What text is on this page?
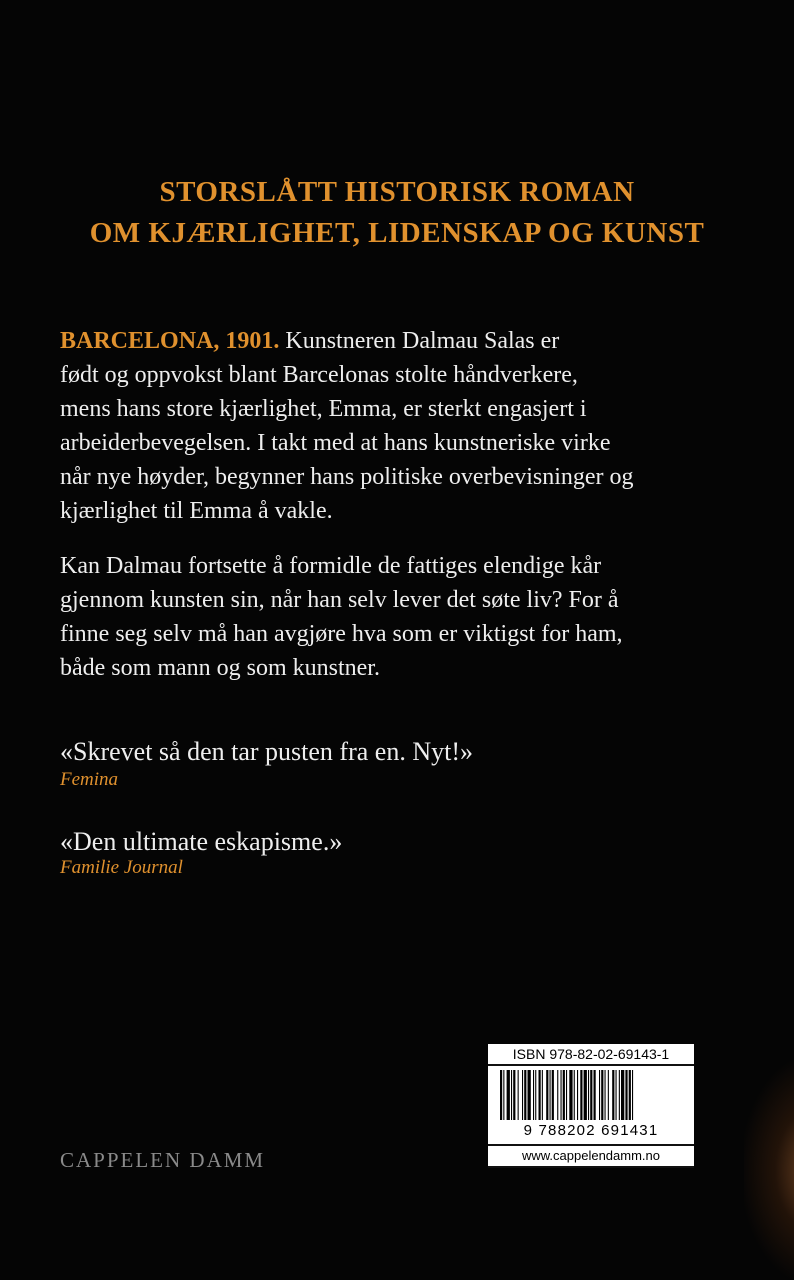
STORSLÅTT HISTORISK ROMAN
OM KJÆRLIGHET, LIDENSKAP OG KUNST
BARCELONA, 1901. Kunstneren Dalmau Salas er
født og oppvokst blant Barcelonas stolte håndverkere,
mens hans store kjærlighet, Emma, er sterkt engasjert i
arbeiderbevegelsen. I takt med at hans kunstneriske virke
når nye høyder, begynner hans politiske overbevisninger og
kjærlighet til Emma å vakle.
Kan Dalmau fortsette å formidle de fattiges elendige kår
gjennom kunsten sin, når han selv lever det søte liv? For å
finne seg selv må han avgjøre hva som er viktigst for ham,
både som mann og som kunstner.
«Skrevet så den tar pusten fra en. Nyt!»
Femina
«Den ultimate eskapisme.»
Familie Journal
CAPPELEN DAMM
ISBN 978-82-02-69143-1
9 788202 691431
www.cappelendamm.no
